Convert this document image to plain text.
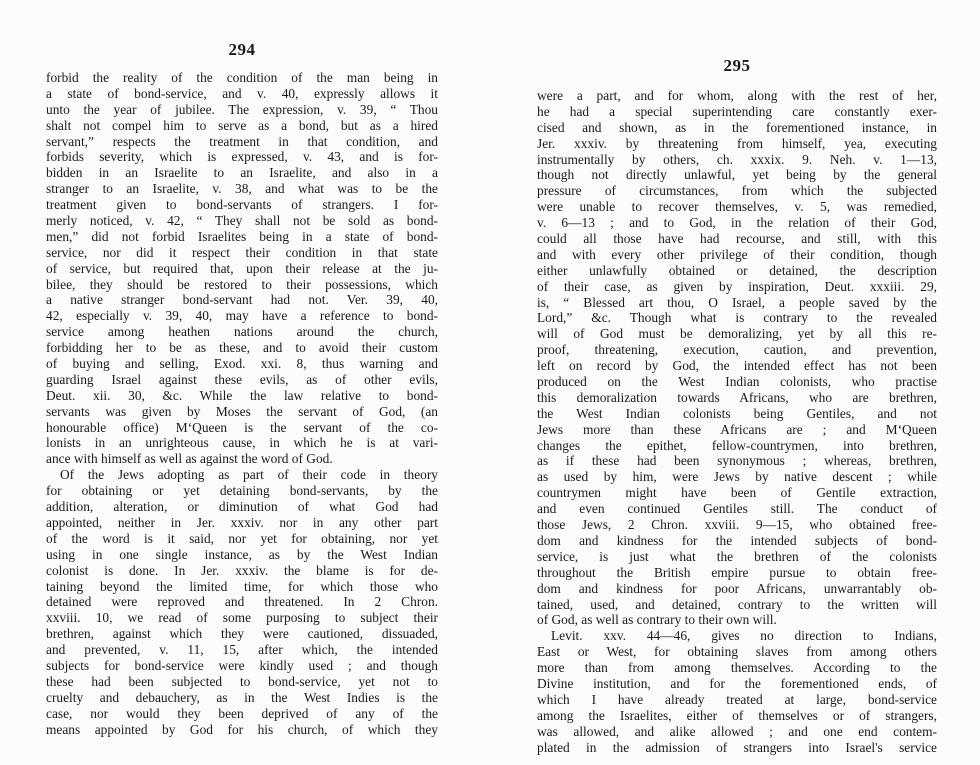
294
forbid the reality of the condition of the man being in
a state of bond-service, and v. 40, expressly allows it
unto the year of jubilee. The expression, v. 39, “ Thou
shalt not compel him to serve as a bond, but as a hired
servant,” respects the treatment in that condition, and
forbids severity, which is expressed, v. 43, and is for-
bidden in an Israelite to an Israelite, and also in a
stranger to an Israelite, v. 38, and what was to be the
treatment given to bond-servants of strangers. I for-
merly noticed, v. 42, “ They shall not be sold as bond-
men,” did not forbid Israelites being in a state of bond-
service, nor did it respect their condition in that state
of service, but required that, upon their release at the ju-
bilee, they should be restored to their possessions, which
a native stranger bond-servant had not. Ver. 39, 40,
42, especially v. 39, 40, may have a reference to bond-
service among heathen nations around the church,
forbidding her to be as these, and to avoid their custom
of buying and selling, Exod. xxi. 8, thus warning and
guarding Israel against these evils, as of other evils,
Deut. xii. 30, &c. While the law relative to bond-
servants was given by Moses the servant of God, (an
honourable office) M‘Queen is the servant of the co-
lonists in an unrighteous cause, in which he is at vari-
ance with himself as well as against the word of God.
Of the Jews adopting as part of their code in theory
for obtaining or yet detaining bond-servants, by the
addition, alteration, or diminution of what God had
appointed, neither in Jer. xxxiv. nor in any other part
of the word is it said, nor yet for obtaining, nor yet
using in one single instance, as by the West Indian
colonist is done. In Jer. xxxiv. the blame is for de-
taining beyond the limited time, for which those who
detained were reproved and threatened. In 2 Chron.
xxviii. 10, we read of some purposing to subject their
brethren, against which they were cautioned, dissuaded,
and prevented, v. 11, 15, after which, the intended
subjects for bond-service were kindly used ; and though
these had been subjected to bond-service, yet not to
cruelty and debauchery, as in the West Indies is the
case, nor would they been deprived of any of the
means appointed by God for his church, of which they
295
were a part, and for whom, along with the rest of her,
he had a special superintending care constantly exer-
cised and shown, as in the forementioned instance, in
Jer. xxxiv. by threatening from himself, yea, executing
instrumentally by others, ch. xxxix. 9. Neh. v. 1—13,
though not directly unlawful, yet being by the general
pressure of circumstances, from which the subjected
were unable to recover themselves, v. 5, was remedied,
v. 6—13 ; and to God, in the relation of their God,
could all those have had recourse, and still, with this
and with every other privilege of their condition, though
either unlawfully obtained or detained, the description
of their case, as given by inspiration, Deut. xxxiii. 29,
is, “ Blessed art thou, O Israel, a people saved by the
Lord,” &c. Though what is contrary to the revealed
will of God must be demoralizing, yet by all this re-
proof, threatening, execution, caution, and prevention,
left on record by God, the intended effect has not been
produced on the West Indian colonists, who practise
this demoralization towards Africans, who are brethren,
the West Indian colonists being Gentiles, and not
Jews more than these Africans are ; and M‘Queen
changes the epithet, fellow-countrymen, into brethren,
as if these had been synonymous ; whereas, brethren,
as used by him, were Jews by native descent ; while
countrymen might have been of Gentile extraction,
and even continued Gentiles still. The conduct of
those Jews, 2 Chron. xxviii. 9—15, who obtained free-
dom and kindness for the intended subjects of bond-
service, is just what the brethren of the colonists
throughout the British empire pursue to obtain free-
dom and kindness for poor Africans, unwarrantably ob-
tained, used, and detained, contrary to the written will
of God, as well as contrary to their own will.
Levit. xxv. 44—46, gives no direction to Indians,
East or West, for obtaining slaves from among others
more than from among themselves. According to the
Divine institution, and for the forementioned ends, of
which I have already treated at large, bond-service
among the Israelites, either of themselves or of strangers,
was allowed, and alike allowed ; and one end contem-
plated in the admission of strangers into Israel's service
